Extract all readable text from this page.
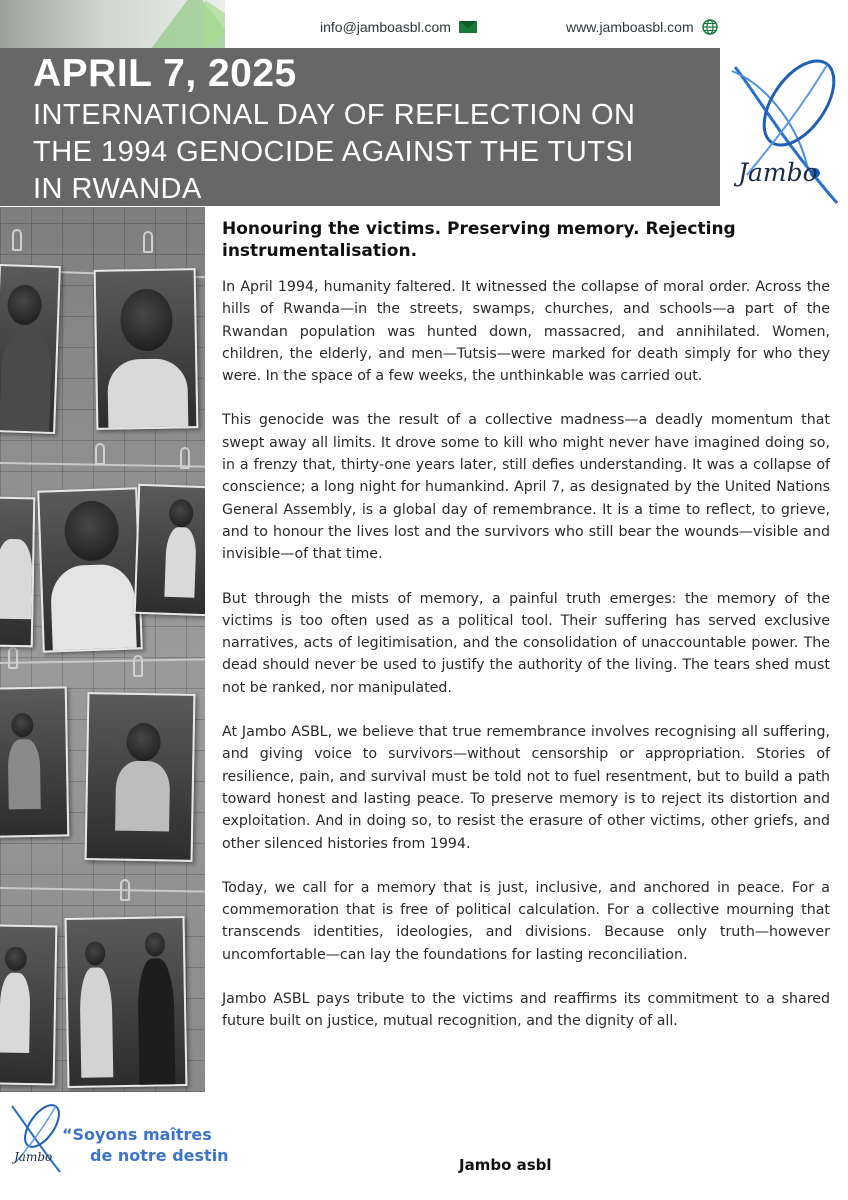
info@jamboasbl.com	www.jamboasbl.com
APRIL 7, 2025
INTERNATIONAL DAY OF REFLECTION ON
THE 1994 GENOCIDE AGAINST THE TUTSI
IN RWANDA
Jambo
Jambo
“Soyons maîtres
de notre destin
Honouring the victims. Preserving memory. Rejecting instrumentalisation.

In April 1994, humanity faltered. It witnessed the collapse of moral order. Across the hills of Rwanda—in the streets, swamps, churches, and schools—a part of the Rwandan population was hunted down, massacred, and annihilated. Women, children, the elderly, and men—Tutsis—were marked for death simply for who they were. In the space of a few weeks, the unthinkable was carried out.

This genocide was the result of a collective madness—a deadly momentum that swept away all limits. It drove some to kill who might never have imagined doing so, in a frenzy that, thirty-one years later, still defies understanding. It was a collapse of conscience; a long night for humankind. April 7, as designated by the United Nations General Assembly, is a global day of remembrance. It is a time to reflect, to grieve, and to honour the lives lost and the survivors who still bear the wounds—visible and invisible—of that time.

But through the mists of memory, a painful truth emerges: the memory of the victims is too often used as a political tool. Their suffering has served exclusive narratives, acts of legitimisation, and the consolidation of unaccountable power. The dead should never be used to justify the authority of the living. The tears shed must not be ranked, nor manipulated.

At Jambo ASBL, we believe that true remembrance involves recognising all suffering, and giving voice to survivors—without censorship or appropriation. Stories of resilience, pain, and survival must be told not to fuel resentment, but to build a path toward honest and lasting peace. To preserve memory is to reject its distortion and exploitation. And in doing so, to resist the erasure of other victims, other griefs, and other silenced histories from 1994.

Today, we call for a memory that is just, inclusive, and anchored in peace. For a commemoration that is free of political calculation. For a collective mourning that transcends identities, ideologies, and divisions. Because only truth—however uncomfortable—can lay the foundations for lasting reconciliation.

Jambo ASBL pays tribute to the victims and reaffirms its commitment to a shared future built on justice, mutual recognition, and the dignity of all.

Jambo asbl
